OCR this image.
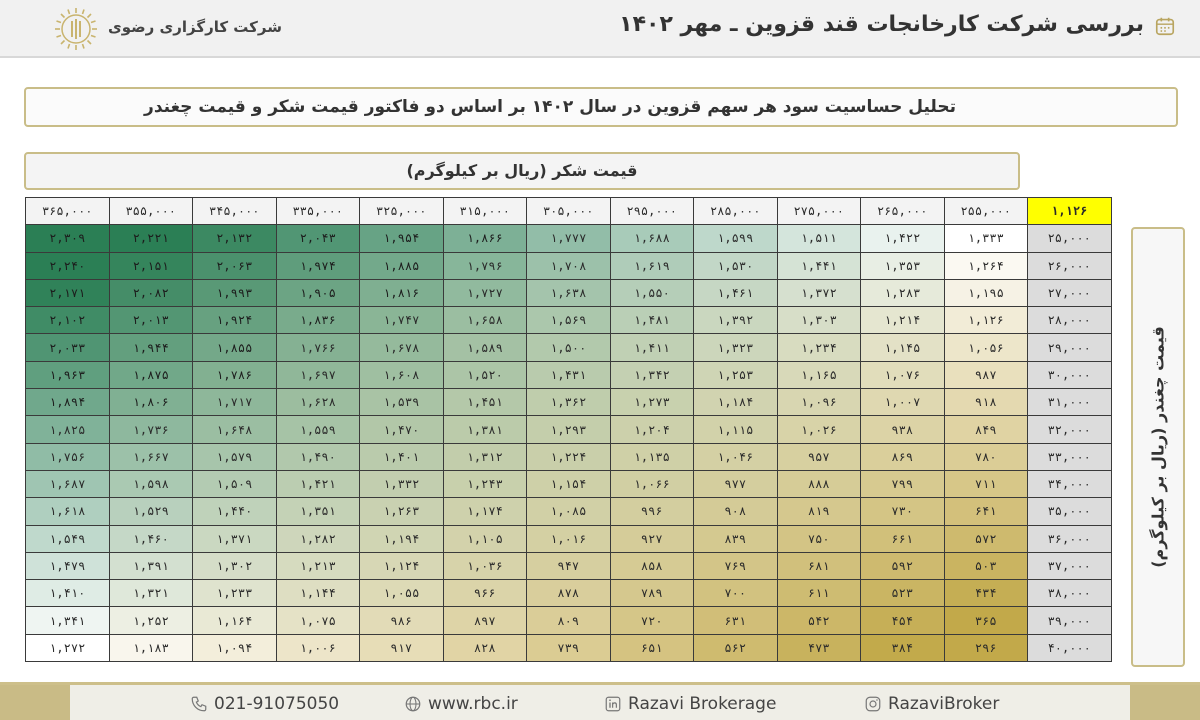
بررسی شرکت کارخانجات قند قزوین ـ مهر ۱۴۰۲
شرکت کارگزاری رضوی
تحلیل حساسیت سود هر سهم قزوین در سال ۱۴۰۲ بر اساس دو فاکتور قیمت شکر و قیمت چغندر
قیمت شکر (ریال بر کیلوگرم)
۳۶۵,۰۰۰	۳۵۵,۰۰۰	۳۴۵,۰۰۰	۳۳۵,۰۰۰	۳۲۵,۰۰۰	۳۱۵,۰۰۰	۳۰۵,۰۰۰	۲۹۵,۰۰۰	۲۸۵,۰۰۰	۲۷۵,۰۰۰	۲۶۵,۰۰۰	۲۵۵,۰۰۰	۱,۱۲۶
۲,۳۰۹	۲,۲۲۱	۲,۱۳۲	۲,۰۴۳	۱,۹۵۴	۱,۸۶۶	۱,۷۷۷	۱,۶۸۸	۱,۵۹۹	۱,۵۱۱	۱,۴۲۲	۱,۳۳۳	۲۵,۰۰۰
۲,۲۴۰	۲,۱۵۱	۲,۰۶۳	۱,۹۷۴	۱,۸۸۵	۱,۷۹۶	۱,۷۰۸	۱,۶۱۹	۱,۵۳۰	۱,۴۴۱	۱,۳۵۳	۱,۲۶۴	۲۶,۰۰۰
۲,۱۷۱	۲,۰۸۲	۱,۹۹۳	۱,۹۰۵	۱,۸۱۶	۱,۷۲۷	۱,۶۳۸	۱,۵۵۰	۱,۴۶۱	۱,۳۷۲	۱,۲۸۳	۱,۱۹۵	۲۷,۰۰۰
۲,۱۰۲	۲,۰۱۳	۱,۹۲۴	۱,۸۳۶	۱,۷۴۷	۱,۶۵۸	۱,۵۶۹	۱,۴۸۱	۱,۳۹۲	۱,۳۰۳	۱,۲۱۴	۱,۱۲۶	۲۸,۰۰۰
۲,۰۳۳	۱,۹۴۴	۱,۸۵۵	۱,۷۶۶	۱,۶۷۸	۱,۵۸۹	۱,۵۰۰	۱,۴۱۱	۱,۳۲۳	۱,۲۳۴	۱,۱۴۵	۱,۰۵۶	۲۹,۰۰۰
۱,۹۶۳	۱,۸۷۵	۱,۷۸۶	۱,۶۹۷	۱,۶۰۸	۱,۵۲۰	۱,۴۳۱	۱,۳۴۲	۱,۲۵۳	۱,۱۶۵	۱,۰۷۶	۹۸۷	۳۰,۰۰۰
۱,۸۹۴	۱,۸۰۶	۱,۷۱۷	۱,۶۲۸	۱,۵۳۹	۱,۴۵۱	۱,۳۶۲	۱,۲۷۳	۱,۱۸۴	۱,۰۹۶	۱,۰۰۷	۹۱۸	۳۱,۰۰۰
۱,۸۲۵	۱,۷۳۶	۱,۶۴۸	۱,۵۵۹	۱,۴۷۰	۱,۳۸۱	۱,۲۹۳	۱,۲۰۴	۱,۱۱۵	۱,۰۲۶	۹۳۸	۸۴۹	۳۲,۰۰۰
۱,۷۵۶	۱,۶۶۷	۱,۵۷۹	۱,۴۹۰	۱,۴۰۱	۱,۳۱۲	۱,۲۲۴	۱,۱۳۵	۱,۰۴۶	۹۵۷	۸۶۹	۷۸۰	۳۳,۰۰۰
۱,۶۸۷	۱,۵۹۸	۱,۵۰۹	۱,۴۲۱	۱,۳۳۲	۱,۲۴۳	۱,۱۵۴	۱,۰۶۶	۹۷۷	۸۸۸	۷۹۹	۷۱۱	۳۴,۰۰۰
۱,۶۱۸	۱,۵۲۹	۱,۴۴۰	۱,۳۵۱	۱,۲۶۳	۱,۱۷۴	۱,۰۸۵	۹۹۶	۹۰۸	۸۱۹	۷۳۰	۶۴۱	۳۵,۰۰۰
۱,۵۴۹	۱,۴۶۰	۱,۳۷۱	۱,۲۸۲	۱,۱۹۴	۱,۱۰۵	۱,۰۱۶	۹۲۷	۸۳۹	۷۵۰	۶۶۱	۵۷۲	۳۶,۰۰۰
۱,۴۷۹	۱,۳۹۱	۱,۳۰۲	۱,۲۱۳	۱,۱۲۴	۱,۰۳۶	۹۴۷	۸۵۸	۷۶۹	۶۸۱	۵۹۲	۵۰۳	۳۷,۰۰۰
۱,۴۱۰	۱,۳۲۱	۱,۲۳۳	۱,۱۴۴	۱,۰۵۵	۹۶۶	۸۷۸	۷۸۹	۷۰۰	۶۱۱	۵۲۳	۴۳۴	۳۸,۰۰۰
۱,۳۴۱	۱,۲۵۲	۱,۱۶۴	۱,۰۷۵	۹۸۶	۸۹۷	۸۰۹	۷۲۰	۶۳۱	۵۴۲	۴۵۴	۳۶۵	۳۹,۰۰۰
۱,۲۷۲	۱,۱۸۳	۱,۰۹۴	۱,۰۰۶	۹۱۷	۸۲۸	۷۳۹	۶۵۱	۵۶۲	۴۷۳	۳۸۴	۲۹۶	۴۰,۰۰۰
قیمت چغندر (ریال بر کیلوگرم)
021-91075050	www.rbc.ir	Razavi Brokerage	RazaviBroker
